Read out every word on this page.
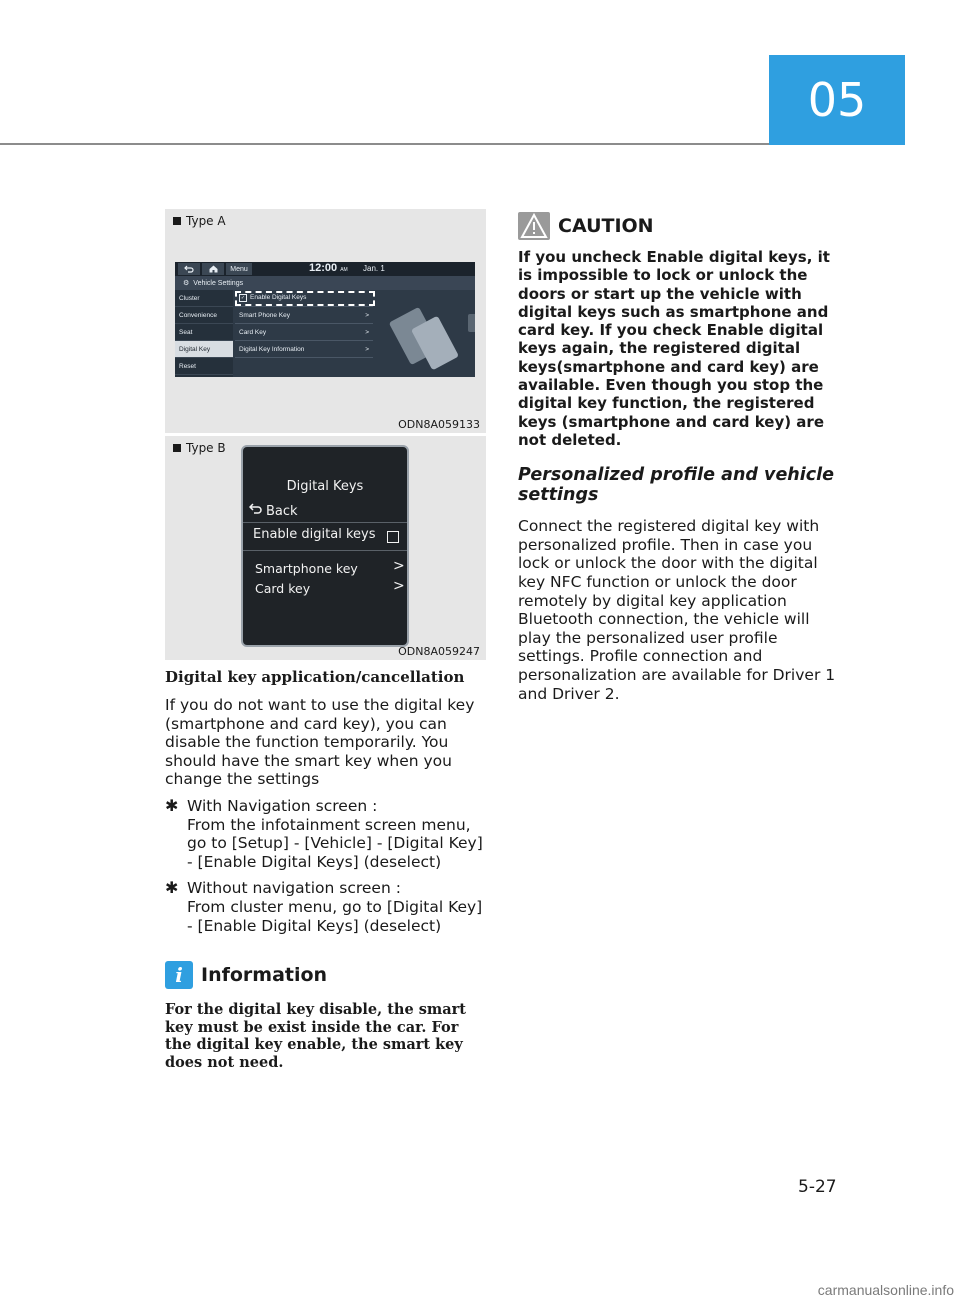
05
Type A
Menu	12:00 AM Jan. 1
⚙ Vehicle Settings
Cluster
Convenience
Seat
Digital Key
Reset
✓ Enable Digital Keys
Smart Phone Key	>
Card Key	>
Digital Key Information	>
ODN8A059133
Type B
Digital Keys
Back
Enable digital keys
Smartphone key	>
Card key	>
ODN8A059247
Digital key application/cancellation

If you do not want to use the digital key (smartphone and card key), you can disable the function temporarily. You should have the smart key when you change the settings

✱ With Navigation screen :
From the infotainment screen menu, go to [Setup] - [Vehicle] - [Digital Key] - [Enable Digital Keys] (deselect)
✱ Without navigation screen :
From cluster menu, go to [Digital Key] - [Enable Digital Keys] (deselect)
i Information
For the digital key disable, the smart key must be exist inside the car. For the digital key enable, the smart key does not need.
CAUTION
If you uncheck Enable digital keys, it is impossible to lock or unlock the doors or start up the vehicle with digital keys such as smartphone and card key. If you check Enable digital keys again, the registered digital keys(smartphone and card key) are available. Even though you stop the digital key function, the registered keys (smartphone and card key) are not deleted.
Personalized profile and vehicle settings
Connect the registered digital key with personalized profile. Then in case you lock or unlock the door with the digital key NFC function or unlock the door remotely by digital key application Bluetooth connection, the vehicle will play the personalized user profile settings. Profile connection and personalization are available for Driver 1 and Driver 2.
5-27
carmanualsonline.info
